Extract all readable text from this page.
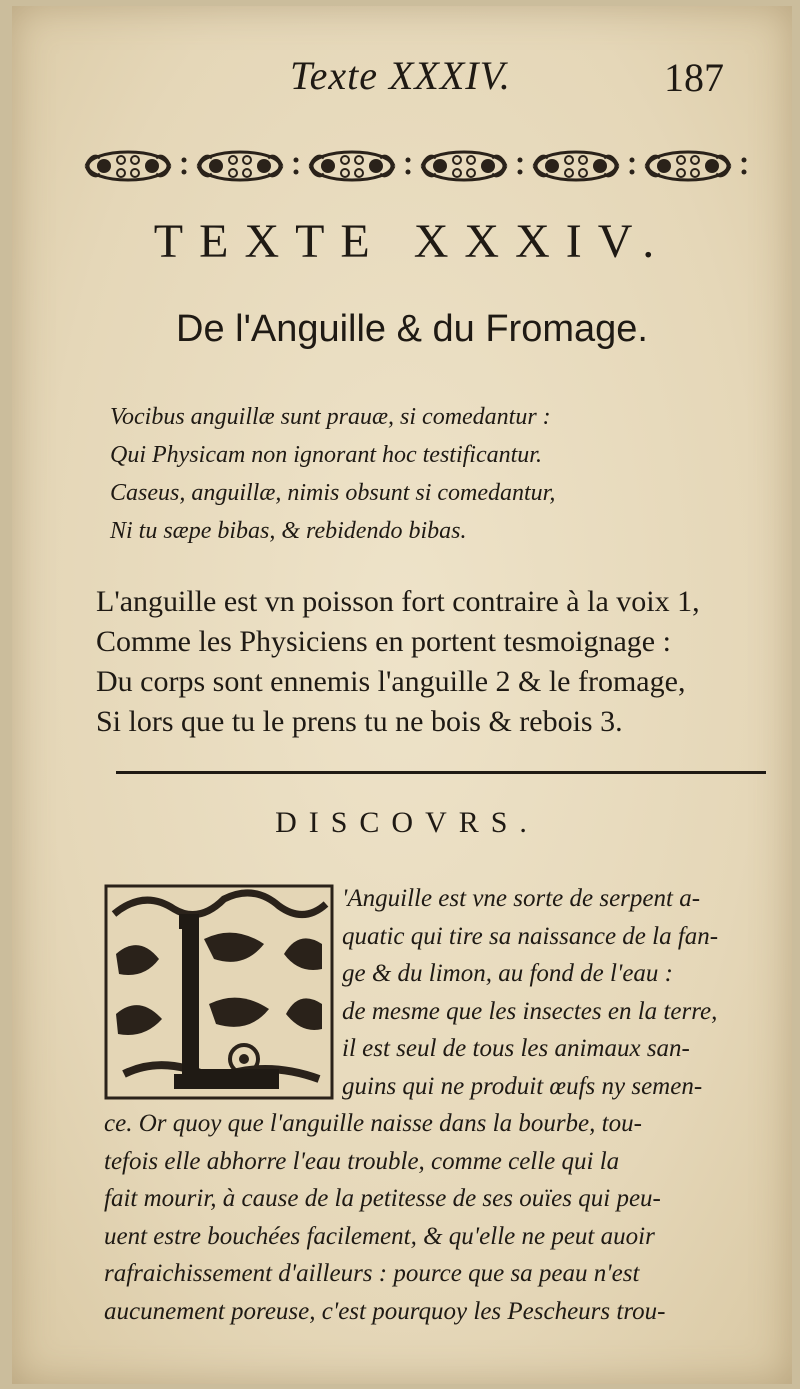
Texte XXXIV.	187
TEXTE XXXIV.
De l'Anguille & du Fromage.
Vocibus anguillæ sunt prauæ, si comedantur :
Qui Physicam non ignorant hoc testificantur.
Caseus, anguillæ, nimis obsunt si comedantur,
Ni tu sæpe bibas, & rebidendo bibas.
L'anguille est vn poisson fort contraire à la voix 1,
Comme les Physiciens en portent tesmoignage :
Du corps sont ennemis l'anguille 2 & le fromage,
Si lors que tu le prens tu ne bois & rebois 3.
DISCOVRS.
'Anguille est vne sorte de serpent a-
quatic qui tire sa naissance de la fan-
ge & du limon, au fond de l'eau :
de mesme que les insectes en la terre,
il est seul de tous les animaux san-
guins qui ne produit œufs ny semen-
ce. Or quoy que l'anguille naisse dans la bourbe, tou-
tefois elle abhorre l'eau trouble, comme celle qui la
fait mourir, à cause de la petitesse de ses ouïes qui peu-
uent estre bouchées facilement, & qu'elle ne peut auoir
rafraichissement d'ailleurs : pource que sa peau n'est
aucunement poreuse, c'est pourquoy les Pescheurs trou-
